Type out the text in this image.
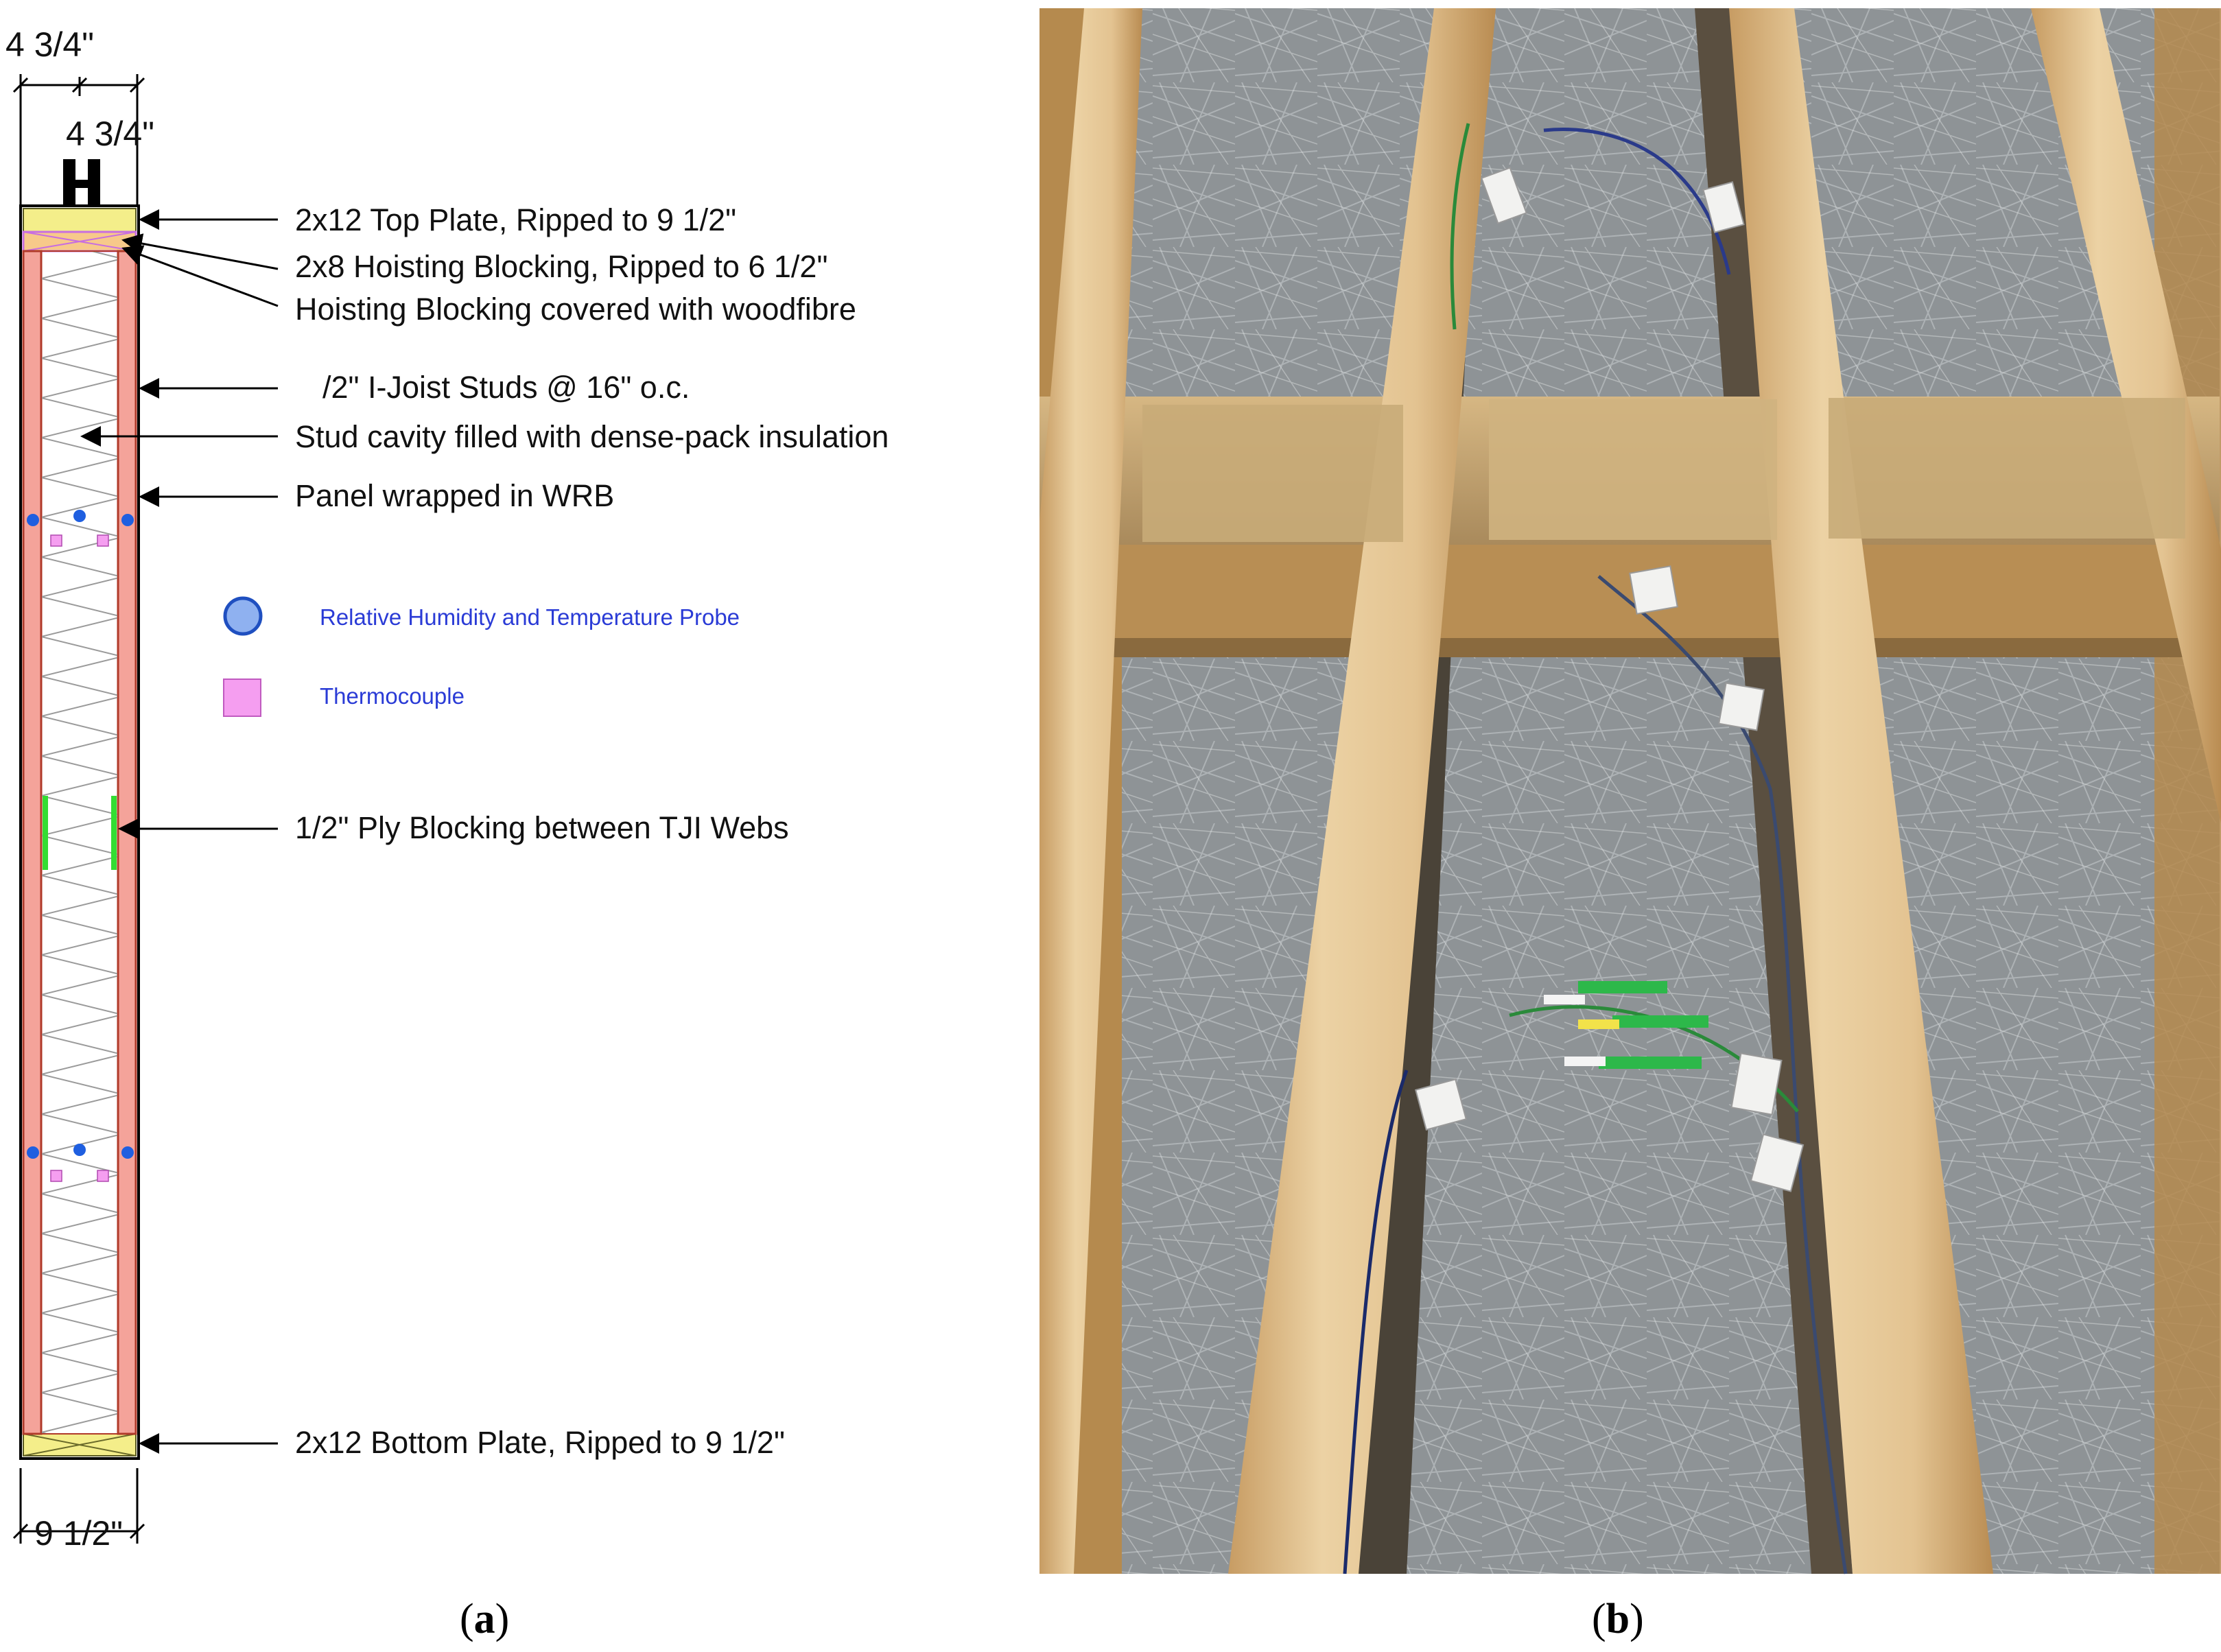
4 3/4"
4 3/4"
9 1/2"
2x12 Top Plate, Ripped to 9 1/2"
2x8 Hoisting Blocking, Ripped to 6 1/2"
Hoisting Blocking covered with woodfibre
/2" I-Joist Studs @ 16" o.c.
Stud cavity filled with dense-pack insulation
Panel wrapped in WRB
1/2" Ply Blocking between TJI Webs
2x12 Bottom Plate, Ripped to 9 1/2"
Relative Humidity and Temperature Probe
Thermocouple
(a)	(b)
